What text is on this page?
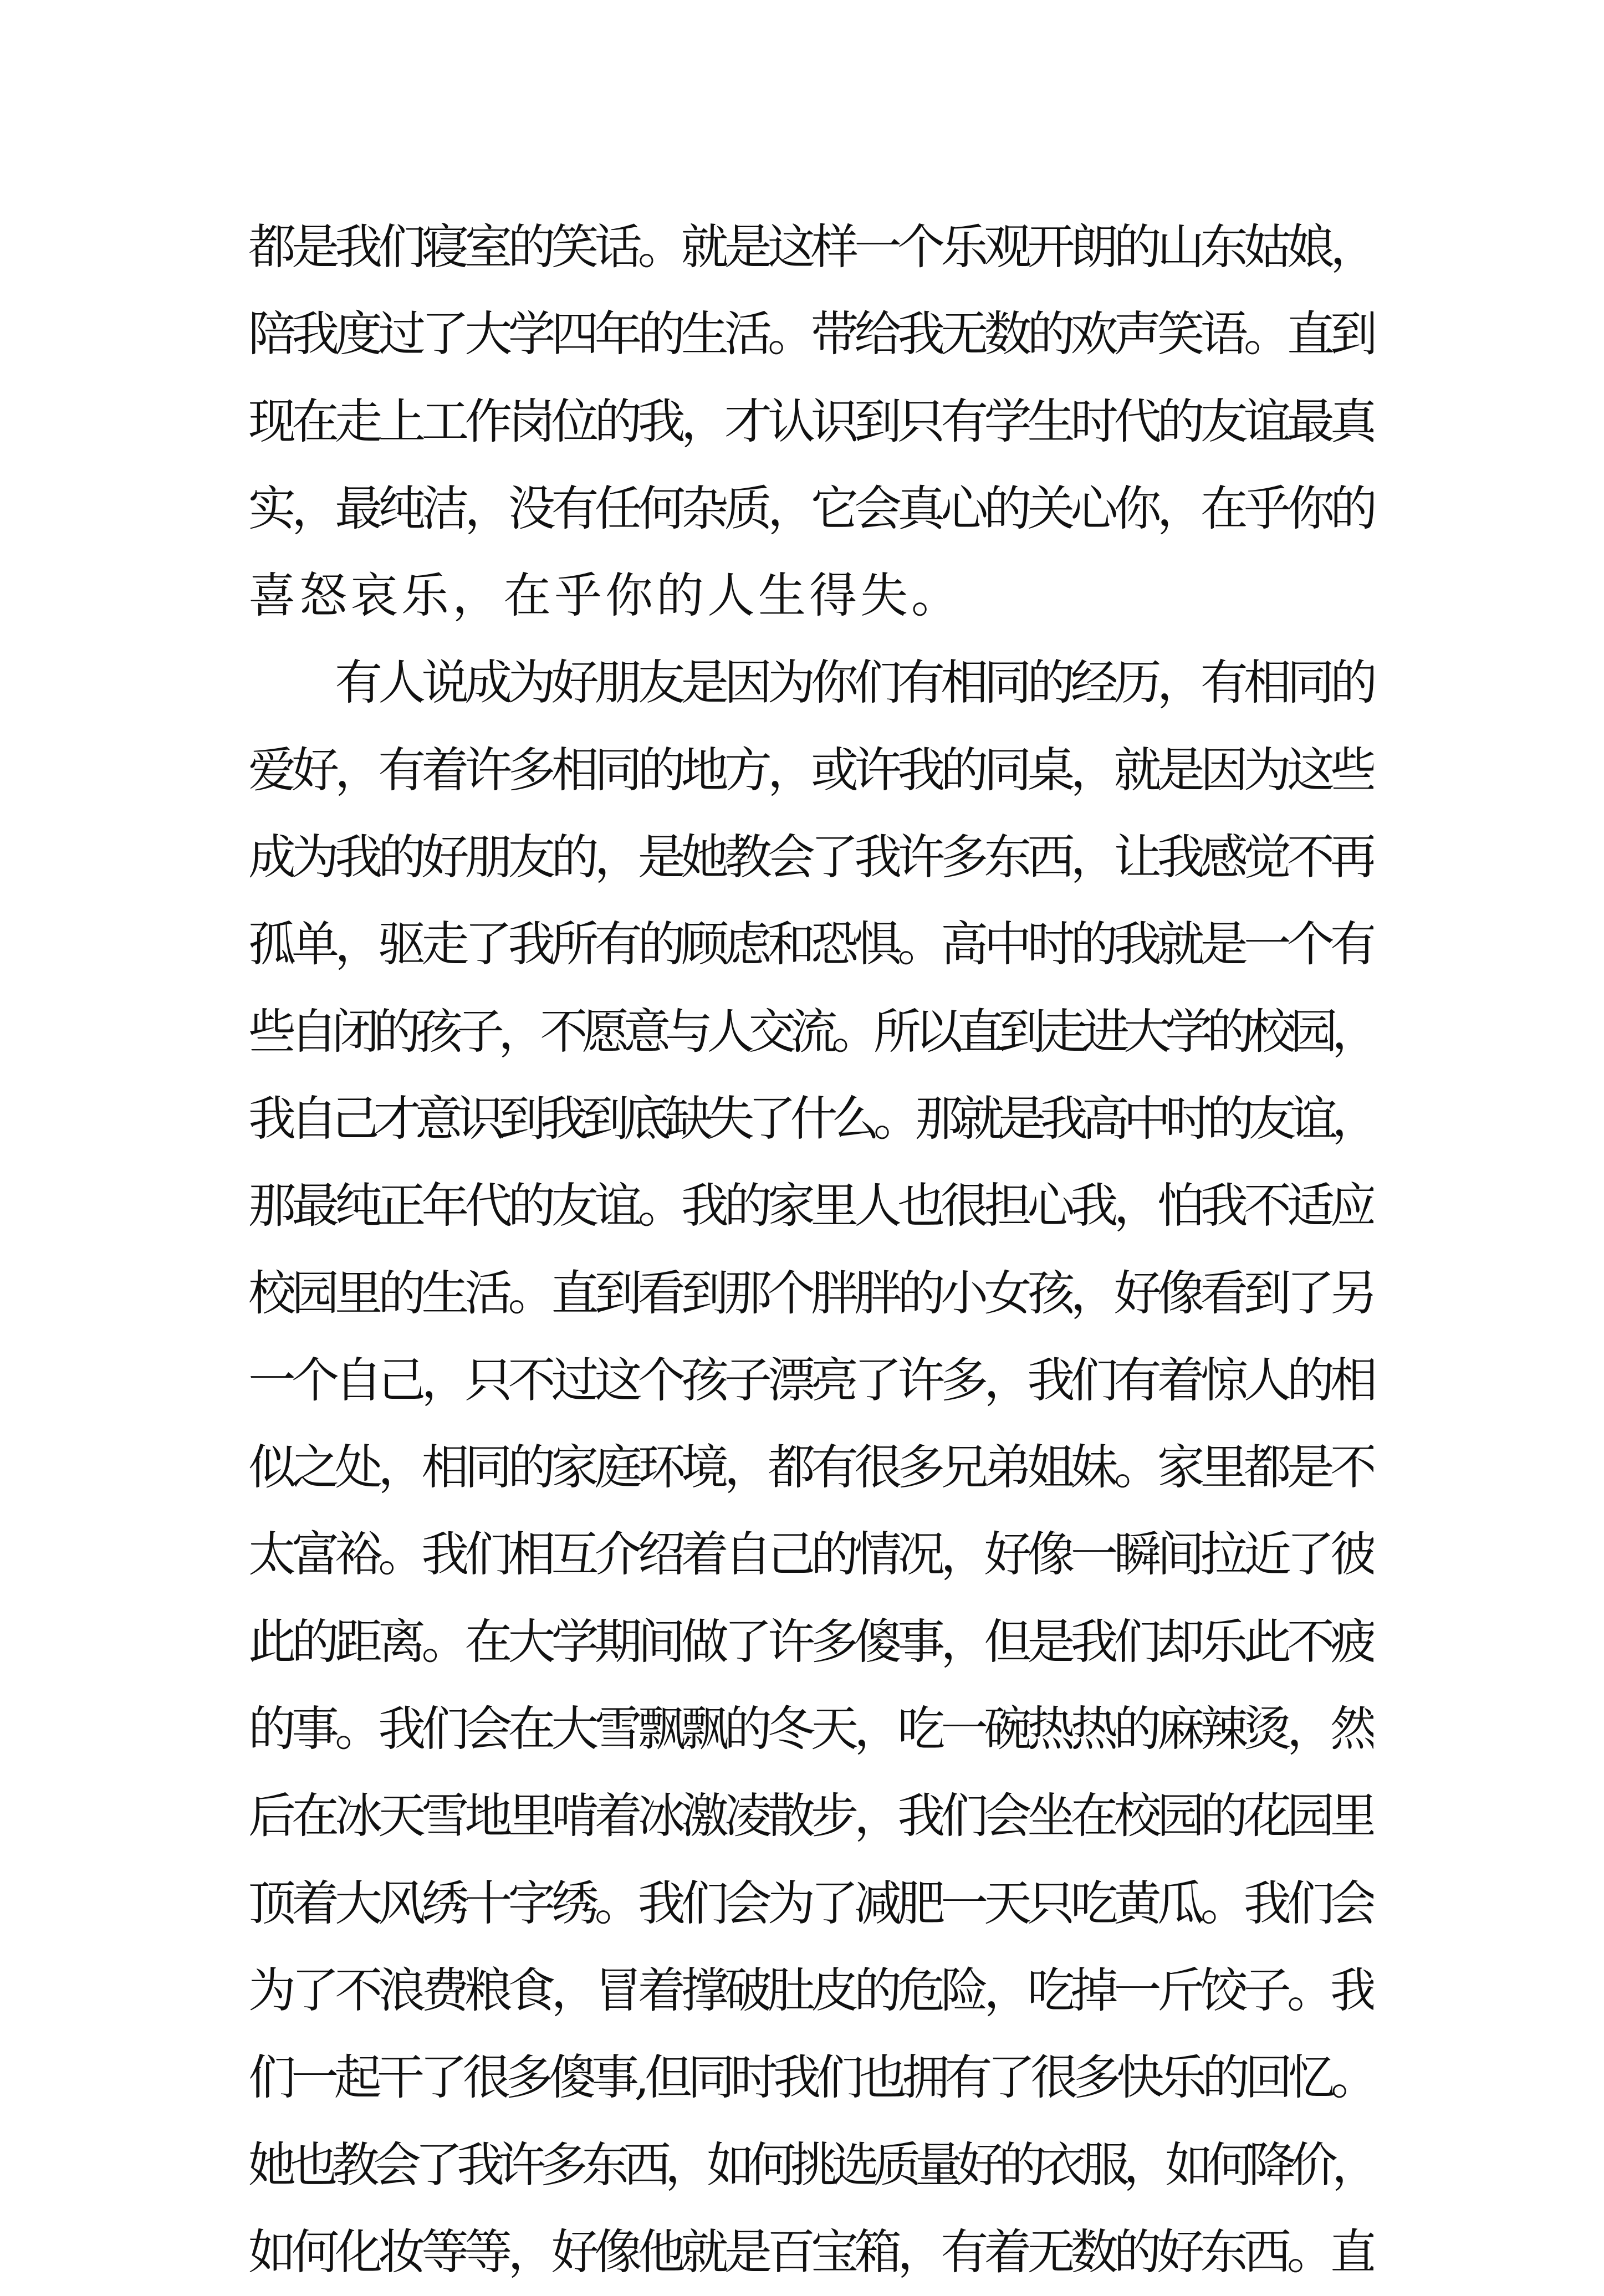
都是我们寝室的笑话。就是这样一个乐观开朗的山东姑娘，
陪我度过了大学四年的生活。带给我无数的欢声笑语。直到
现在走上工作岗位的我，才认识到只有学生时代的友谊最真
实，最纯洁，没有任何杂质，它会真心的关心你，在乎你的
喜怒哀乐，在乎你的人生得失。
　　有人说成为好朋友是因为你们有相同的经历，有相同的
爱好，有着许多相同的地方，或许我的同桌，就是因为这些
成为我的好朋友的，是她教会了我许多东西，让我感觉不再
孤单，驱走了我所有的顾虑和恐惧。高中时的我就是一个有
些自闭的孩子，不愿意与人交流。所以直到走进大学的校园，
我自己才意识到我到底缺失了什么。那就是我高中时的友谊，
那最纯正年代的友谊。我的家里人也很担心我，怕我不适应
校园里的生活。直到看到那个胖胖的小女孩，好像看到了另
一个自己，只不过这个孩子漂亮了许多，我们有着惊人的相
似之处，相同的家庭环境，都有很多兄弟姐妹。家里都是不
太富裕。我们相互介绍着自己的情况，好像一瞬间拉近了彼
此的距离。在大学期间做了许多傻事，但是我们却乐此不疲
的事。我们会在大雪飘飘的冬天，吃一碗热热的麻辣烫，然
后在冰天雪地里啃着冰激凌散步，我们会坐在校园的花园里
顶着大风绣十字绣。我们会为了减肥一天只吃黄瓜。我们会
为了不浪费粮食，冒着撑破肚皮的危险，吃掉一斤饺子。我
们一起干了很多傻事,但同时我们也拥有了很多快乐的回忆。
她也教会了我许多东西，如何挑选质量好的衣服，如何降价，
如何化妆等等，好像他就是百宝箱，有着无数的好东西。直
